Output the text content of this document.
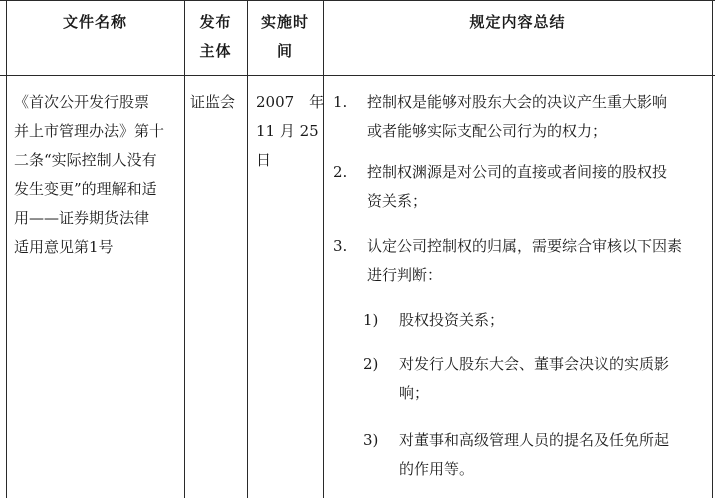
文件名称	发布
主体
实施时
间
规定内容总结
《首次公开发行股票
并上市管理办法》第十
二条“实际控制人没有
发生变更”的理解和适
用——证券期货法律
适用意见第1号
证监会 2007　年
11 月 25
日
1. 控制权是能够对股东大会的决议产生重大影响
或者能够实际支配公司行为的权力；
2. 控制权渊源是对公司的直接或者间接的股权投
资关系；
3. 认定公司控制权的归属，需要综合审核以下因素
进行判断：
1) 股权投资关系；
2) 对发行人股东大会、董事会决议的实质影
响；
3) 对董事和高级管理人员的提名及任免所起
的作用等。
